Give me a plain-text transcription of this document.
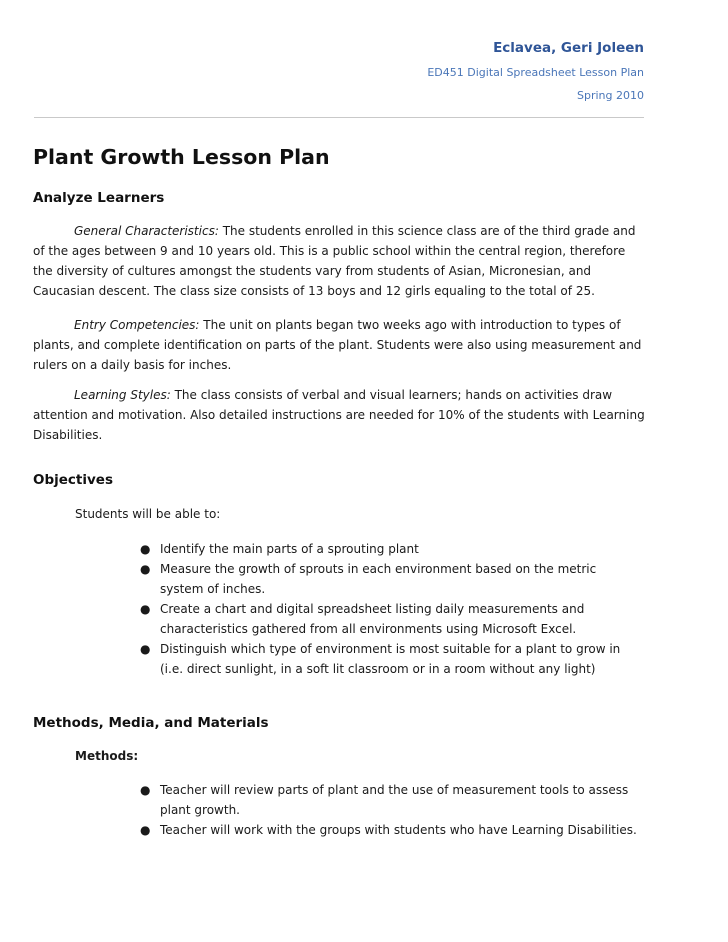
Eclavea, Geri Joleen
ED451 Digital Spreadsheet Lesson Plan
Spring 2010
Plant Growth Lesson Plan
Analyze Learners

General Characteristics: The students enrolled in this science class are of the third grade and of the ages between 9 and 10 years old. This is a public school within the central region, therefore the diversity of cultures amongst the students vary from students of Asian, Micronesian, and Caucasian descent. The class size consists of 13 boys and 12 girls equaling to the total of 25.

Entry Competencies: The unit on plants began two weeks ago with introduction to types of plants, and complete identification on parts of the plant. Students were also using measurement and rulers on a daily basis for inches.

Learning Styles: The class consists of verbal and visual learners; hands on activities draw attention and motivation. Also detailed instructions are needed for 10% of the students with Learning Disabilities.

Objectives
Students will be able to:
● Identify the main parts of a sprouting plant
● Measure the growth of sprouts in each environment based on the metric system of inches.
● Create a chart and digital spreadsheet listing daily measurements and characteristics gathered from all environments using Microsoft Excel.
● Distinguish which type of environment is most suitable for a plant to grow in (i.e. direct sunlight, in a soft lit classroom or in a room without any light)
Methods, Media, and Materials
Methods:
● Teacher will review parts of plant and the use of measurement tools to assess plant growth.
● Teacher will work with the groups with students who have Learning Disabilities.
